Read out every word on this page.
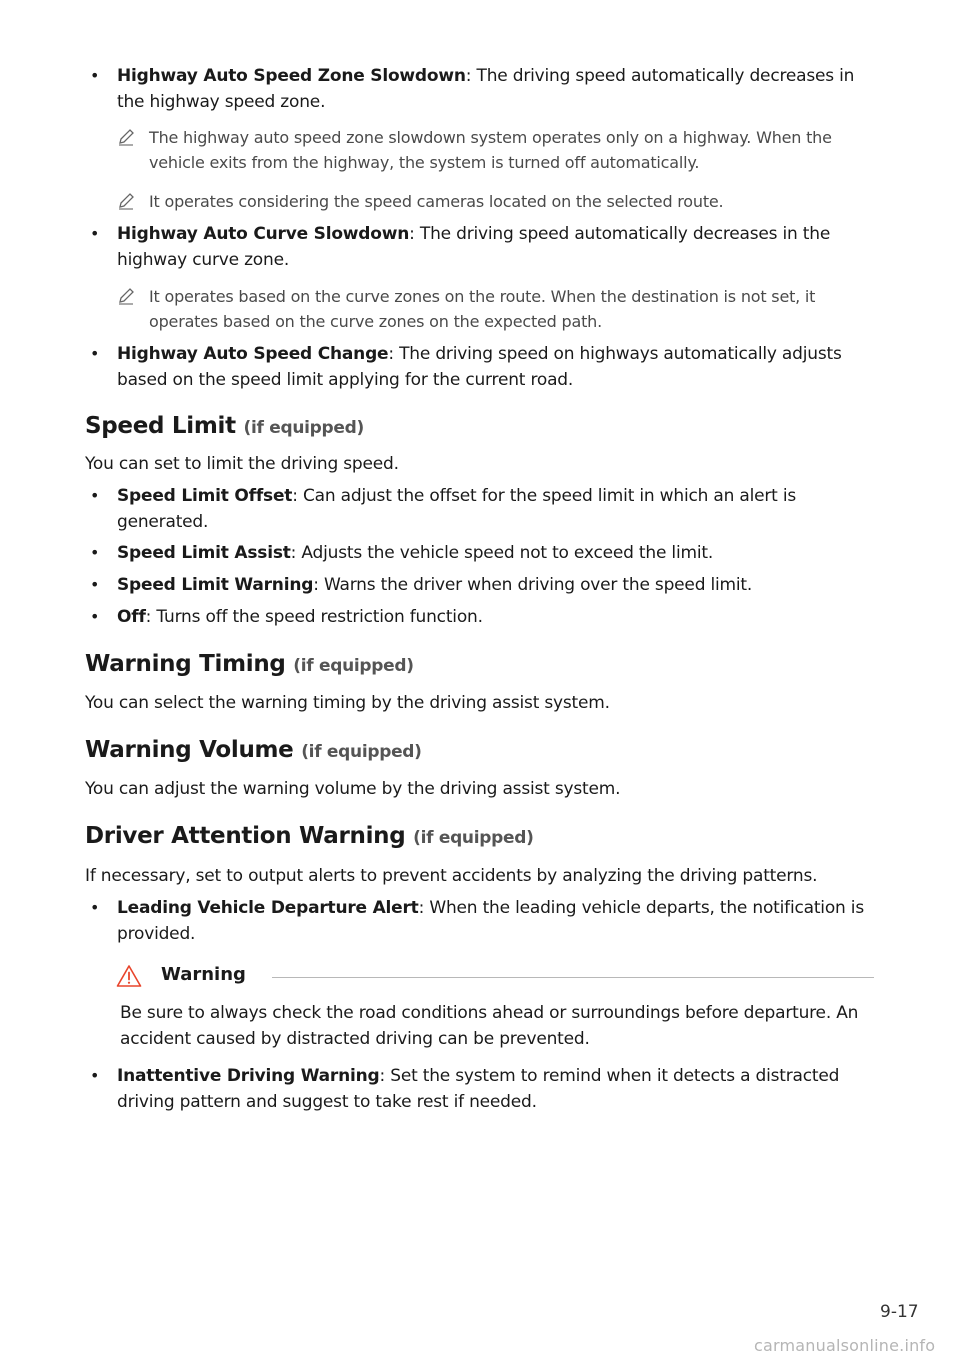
• Highway Auto Speed Zone Slowdown: The driving speed automatically decreases in the highway speed zone.
The highway auto speed zone slowdown system operates only on a highway. When the vehicle exits from the highway, the system is turned off automatically.
It operates considering the speed cameras located on the selected route.
• Highway Auto Curve Slowdown: The driving speed automatically decreases in the highway curve zone.
It operates based on the curve zones on the route. When the destination is not set, it operates based on the curve zones on the expected path.
• Highway Auto Speed Change: The driving speed on highways automatically adjusts based on the speed limit applying for the current road.
Speed Limit (if equipped)
You can set to limit the driving speed.
• Speed Limit Offset: Can adjust the offset for the speed limit in which an alert is generated.
• Speed Limit Assist: Adjusts the vehicle speed not to exceed the limit.
• Speed Limit Warning: Warns the driver when driving over the speed limit.
• Off: Turns off the speed restriction function.
Warning Timing (if equipped)
You can select the warning timing by the driving assist system.
Warning Volume (if equipped)
You can adjust the warning volume by the driving assist system.
Driver Attention Warning (if equipped)
If necessary, set to output alerts to prevent accidents by analyzing the driving patterns.
• Leading Vehicle Departure Alert: When the leading vehicle departs, the notification is provided.
Warning
Be sure to always check the road conditions ahead or surroundings before departure. An accident caused by distracted driving can be prevented.
• Inattentive Driving Warning: Set the system to remind when it detects a distracted driving pattern and suggest to take rest if needed.
9-17
carmanualsonline.info
